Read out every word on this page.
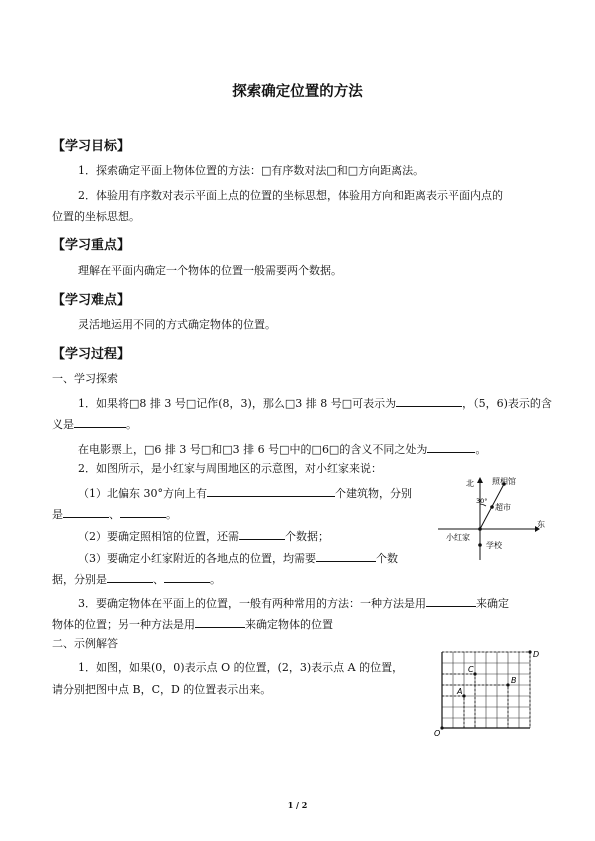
探索确定位置的方法
【学习目标】
1．探索确定平面上物体位置的方法：□有序数对法□和□方向距离法。
2．体验用有序数对表示平面上点的位置的坐标思想，体验用方向和距离表示平面内点的
位置的坐标思想。
【学习重点】
理解在平面内确定一个物体的位置一般需要两个数据。
【学习难点】
灵活地运用不同的方式确定物体的位置。
【学习过程】
一、学习探索
1．如果将□8 排 3 号□记作(8，3)，那么□3 排 8 号□可表示为	，（5，6)表示的含
义是	。
在电影票上，□6 排 3 号□和□3 排 6 号□中的□6□的含义不同之处为	。
2．如图所示，是小红家与周围地区的示意图，对小红家来说：
（1）北偏东 30°方向上有	个建筑物，分别
是	、	。
（2）要确定照相馆的位置，还需	个数据；
（3）要确定小红家附近的各地点的位置，均需要	个数
据，分别是	、	。
3．要确定物体在平面上的位置，一般有两种常用的方法：一种方法是用	来确定
物体的位置；另一种方法是用	来确定物体的位置
二、示例解答
1．如图，如果(0，0)表示点 O 的位置，(2，3)表示点 A 的位置，
请分别把图中点 B，C，D 的位置表示出来。
北
东
照相馆
超市
小红家
学校
30°
O
A
B
C
D
1 / 2
